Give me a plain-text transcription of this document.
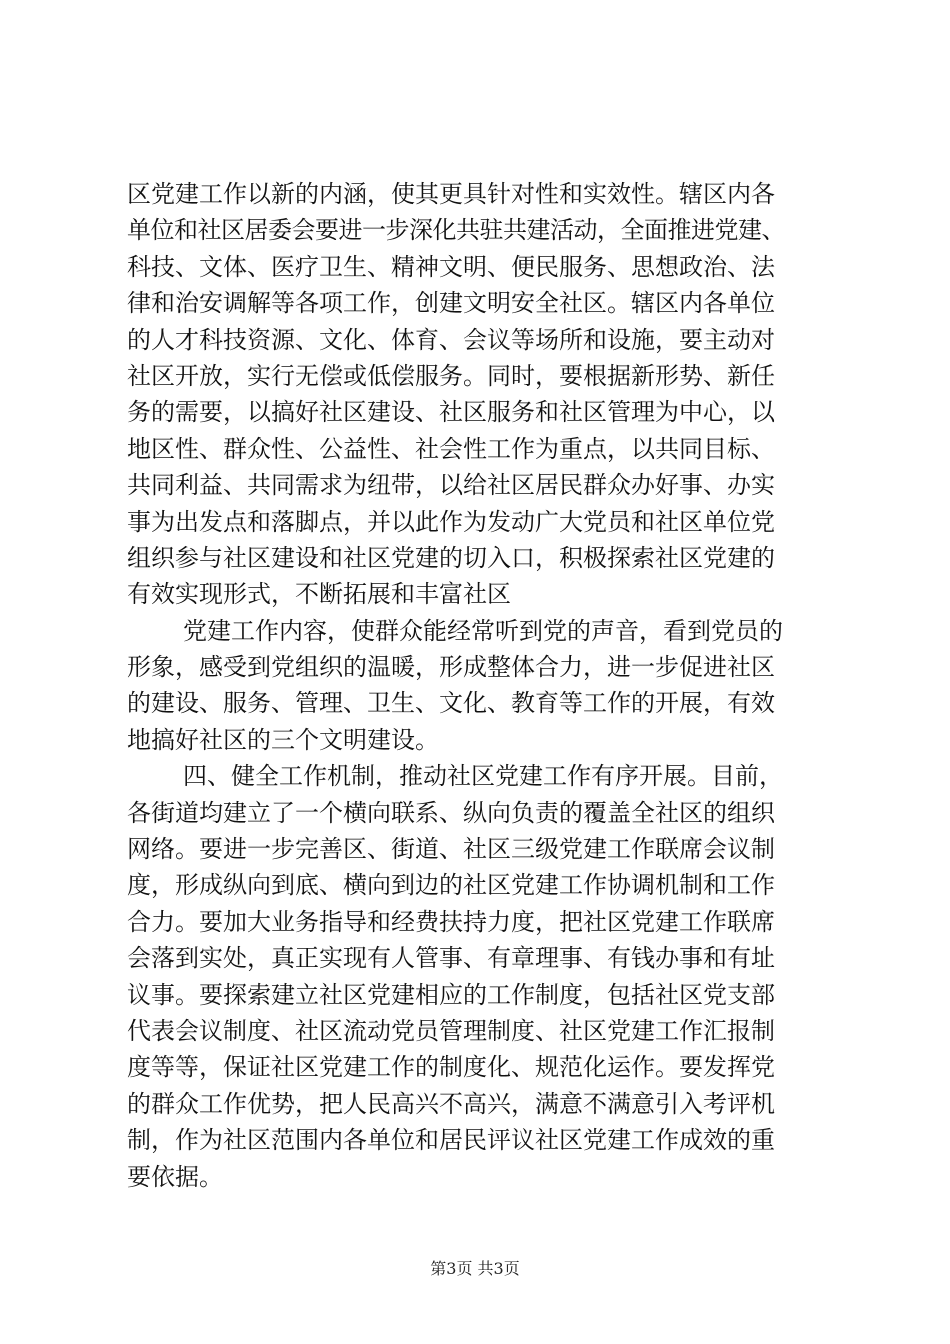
区党建工作以新的内涵，使其更具针对性和实效性。辖区内各
单位和社区居委会要进一步深化共驻共建活动，全面推进党建、
科技、文体、医疗卫生、精神文明、便民服务、思想政治、法
律和治安调解等各项工作，创建文明安全社区。辖区内各单位
的人才科技资源、文化、体育、会议等场所和设施，要主动对
社区开放，实行无偿或低偿服务。同时，要根据新形势、新任
务的需要，以搞好社区建设、社区服务和社区管理为中心，以
地区性、群众性、公益性、社会性工作为重点，以共同目标、
共同利益、共同需求为纽带，以给社区居民群众办好事、办实
事为出发点和落脚点，并以此作为发动广大党员和社区单位党
组织参与社区建设和社区党建的切入口，积极探索社区党建的
有效实现形式，不断拓展和丰富社区
党建工作内容，使群众能经常听到党的声音，看到党员的
形象，感受到党组织的温暖，形成整体合力，进一步促进社区
的建设、服务、管理、卫生、文化、教育等工作的开展，有效
地搞好社区的三个文明建设。
四、健全工作机制，推动社区党建工作有序开展。目前，
各街道均建立了一个横向联系、纵向负责的覆盖全社区的组织
网络。要进一步完善区、街道、社区三级党建工作联席会议制
度，形成纵向到底、横向到边的社区党建工作协调机制和工作
合力。要加大业务指导和经费扶持力度，把社区党建工作联席
会落到实处，真正实现有人管事、有章理事、有钱办事和有址
议事。要探索建立社区党建相应的工作制度，包括社区党支部
代表会议制度、社区流动党员管理制度、社区党建工作汇报制
度等等，保证社区党建工作的制度化、规范化运作。要发挥党
的群众工作优势，把人民高兴不高兴，满意不满意引入考评机
制，作为社区范围内各单位和居民评议社区党建工作成效的重
要依据。
第3页 共3页
